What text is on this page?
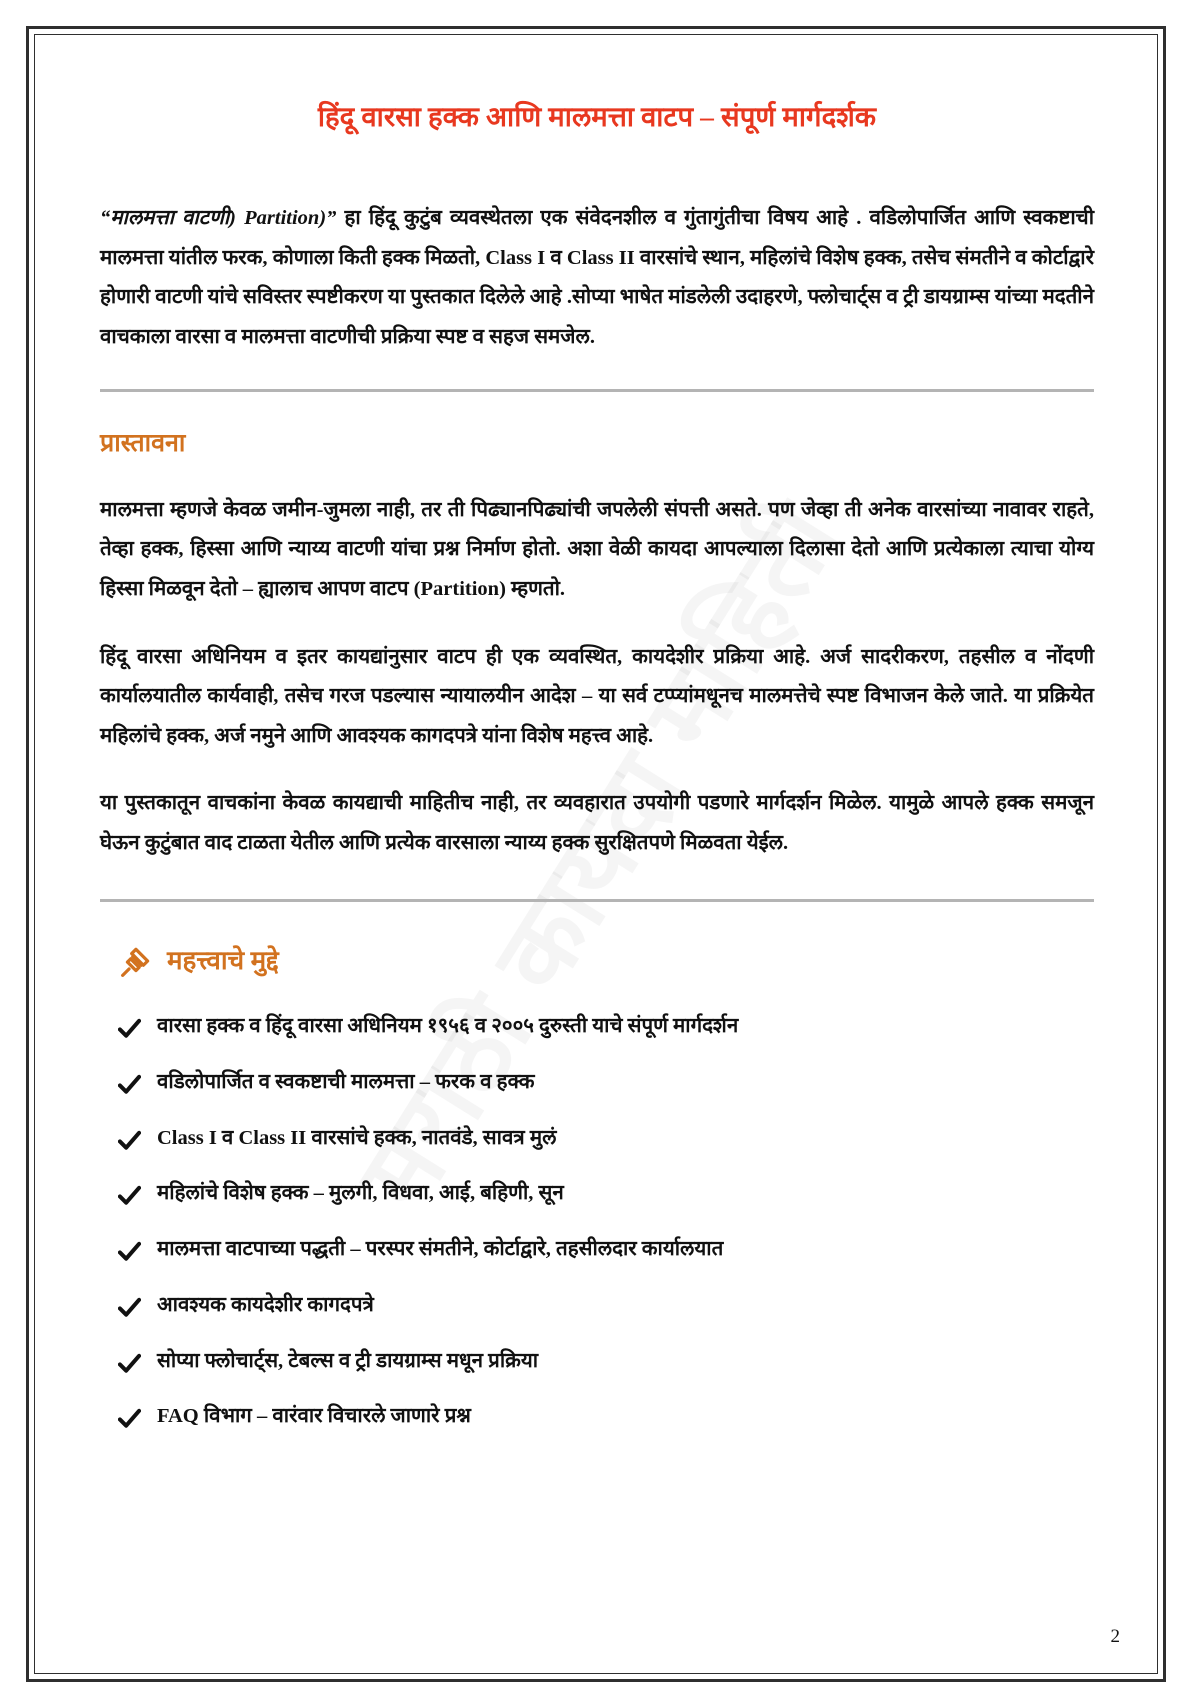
हिंदू वारसा हक्क आणि मालमत्ता वाटप – संपूर्ण मार्गदर्शक

“मालमत्ता वाटणी) Partition)” हा हिंदू कुटुंब व्यवस्थेतला एक संवेदनशील व गुंतागुंतीचा विषय आहे . वडिलोपार्जित आणि स्वकष्टाची मालमत्ता यांतील फरक, कोणाला किती हक्क मिळतो, Class I व Class II वारसांचे स्थान, महिलांचे विशेष हक्क, तसेच संमतीने व कोर्टाद्वारे होणारी वाटणी यांचे सविस्तर स्पष्टीकरण या पुस्तकात दिलेले आहे .सोप्या भाषेत मांडलेली उदाहरणे, फ्लोचार्ट्स व ट्री डायग्राम्स यांच्या मदतीने वाचकाला वारसा व मालमत्ता वाटणीची प्रक्रिया स्पष्ट व सहज समजेल.

प्रास्तावना

मालमत्ता म्हणजे केवळ जमीन-जुमला नाही, तर ती पिढ्यानपिढ्यांची जपलेली संपत्ती असते. पण जेव्हा ती अनेक वारसांच्या नावावर राहते, तेव्हा हक्क, हिस्सा आणि न्याय्य वाटणी यांचा प्रश्न निर्माण होतो. अशा वेळी कायदा आपल्याला दिलासा देतो आणि प्रत्येकाला त्याचा योग्य हिस्सा मिळवून देतो – ह्यालाच आपण वाटप (Partition) म्हणतो.

हिंदू वारसा अधिनियम व इतर कायद्यांनुसार वाटप ही एक व्यवस्थित, कायदेशीर प्रक्रिया आहे. अर्ज सादरीकरण, तहसील व नोंदणी कार्यालयातील कार्यवाही, तसेच गरज पडल्यास न्यायालयीन आदेश – या सर्व टप्प्यांमधूनच मालमत्तेचे स्पष्ट विभाजन केले जाते. या प्रक्रियेत महिलांचे हक्क, अर्ज नमुने आणि आवश्यक कागदपत्रे यांना विशेष महत्त्व आहे.

या पुस्तकातून वाचकांना केवळ कायद्याची माहितीच नाही, तर व्यवहारात उपयोगी पडणारे मार्गदर्शन मिळेल. यामुळे आपले हक्क समजून घेऊन कुटुंबात वाद टाळता येतील आणि प्रत्येक वारसाला न्याय्य हक्क सुरक्षितपणे मिळवता येईल.

महत्त्वाचे मुद्दे
वारसा हक्क व हिंदू वारसा अधिनियम १९५६ व २००५ दुरुस्ती याचे संपूर्ण मार्गदर्शन
वडिलोपार्जित व स्वकष्टाची मालमत्ता – फरक व हक्क
Class I व Class II वारसांचे हक्क, नातवंडे, सावत्र मुलं
महिलांचे विशेष हक्क – मुलगी, विधवा, आई, बहिणी, सून
मालमत्ता वाटपाच्या पद्धती – परस्पर संमतीने, कोर्टाद्वारे, तहसीलदार कार्यालयात
आवश्यक कायदेशीर कागदपत्रे
सोप्या फ्लोचार्ट्स, टेबल्स व ट्री डायग्राम्स मधून प्रक्रिया
FAQ विभाग – वारंवार विचारले जाणारे प्रश्न
2
